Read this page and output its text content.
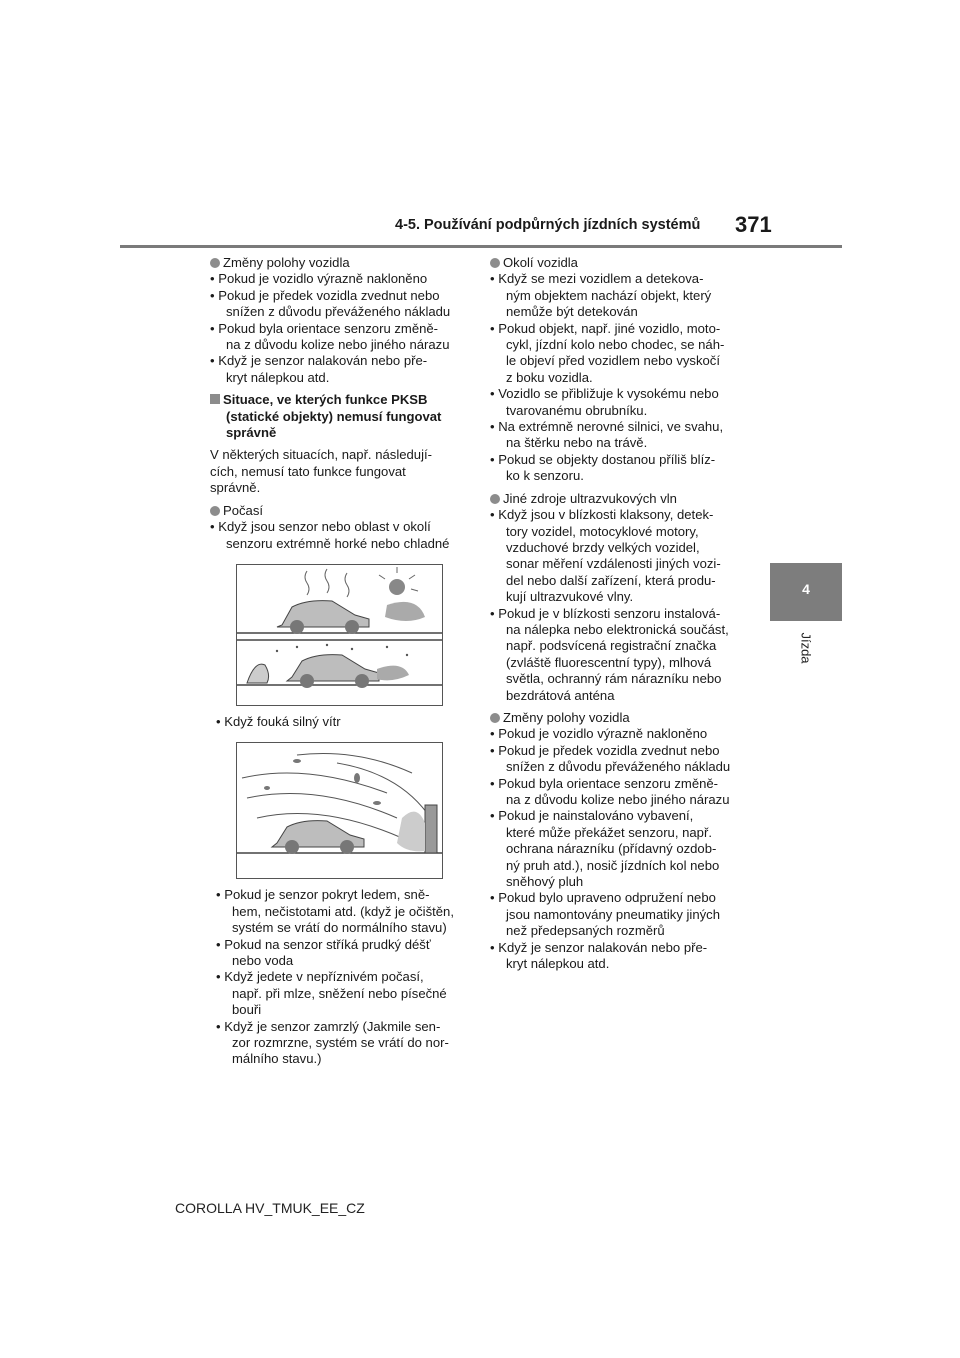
4-5. Používání podpůrných jízdních systémů 371
4
Jízda
Změny polohy vozidla
• Pokud je vozidlo výrazně nakloněno
• Pokud je předek vozidla zvednut nebo
snížen z důvodu převáženého nákladu
• Pokud byla orientace senzoru změně-
na z důvodu kolize nebo jiného nárazu
• Když je senzor nalakován nebo pře-
kryt nálepkou atd.
Situace, ve kterých funkce PKSB
(statické objekty) nemusí fungovat
správně
V některých situacích, např. následují-
cích, nemusí tato funkce fungovat
správně.
Počasí
• Když jsou senzor nebo oblast v okolí
senzoru extrémně horké nebo chladné
• Když fouká silný vítr
• Pokud je senzor pokryt ledem, sně-
hem, nečistotami atd. (když je očištěn,
systém se vrátí do normálního stavu)
• Pokud na senzor stříká prudký déšť
nebo voda
• Když jedete v nepříznivém počasí,
např. při mlze, sněžení nebo písečné
bouři
• Když je senzor zamrzlý (Jakmile sen-
zor rozmrzne, systém se vrátí do nor-
málního stavu.)
Okolí vozidla
• Když se mezi vozidlem a detekova-
ným objektem nachází objekt, který
nemůže být detekován
• Pokud objekt, např. jiné vozidlo, moto-
cykl, jízdní kolo nebo chodec, se náh-
le objeví před vozidlem nebo vyskočí
z boku vozidla.
• Vozidlo se přibližuje k vysokému nebo
tvarovanému obrubníku.
• Na extrémně nerovné silnici, ve svahu,
na štěrku nebo na trávě.
• Pokud se objekty dostanou příliš blíz-
ko k senzoru.
Jiné zdroje ultrazvukových vln
• Když jsou v blízkosti klaksony, detek-
tory vozidel, motocyklové motory,
vzduchové brzdy velkých vozidel,
sonar měření vzdálenosti jiných vozi-
del nebo další zařízení, která produ-
kují ultrazvukové vlny.
• Pokud je v blízkosti senzoru instalová-
na nálepka nebo elektronická součást,
např. podsvícená registrační značka
(zvláště fluorescentní typy), mlhová
světla, ochranný rám nárazníku nebo
bezdrátová anténa
Změny polohy vozidla
• Pokud je vozidlo výrazně nakloněno
• Pokud je předek vozidla zvednut nebo
snížen z důvodu převáženého nákladu
• Pokud byla orientace senzoru změně-
na z důvodu kolize nebo jiného nárazu
• Pokud je nainstalováno vybavení,
které může překážet senzoru, např.
ochrana nárazníku (přídavný ozdob-
ný pruh atd.), nosič jízdních kol nebo
sněhový pluh
• Pokud bylo upraveno odpružení nebo
jsou namontovány pneumatiky jiných
než předepsaných rozměrů
• Když je senzor nalakován nebo pře-
kryt nálepkou atd.
COROLLA HV_TMUK_EE_CZ
